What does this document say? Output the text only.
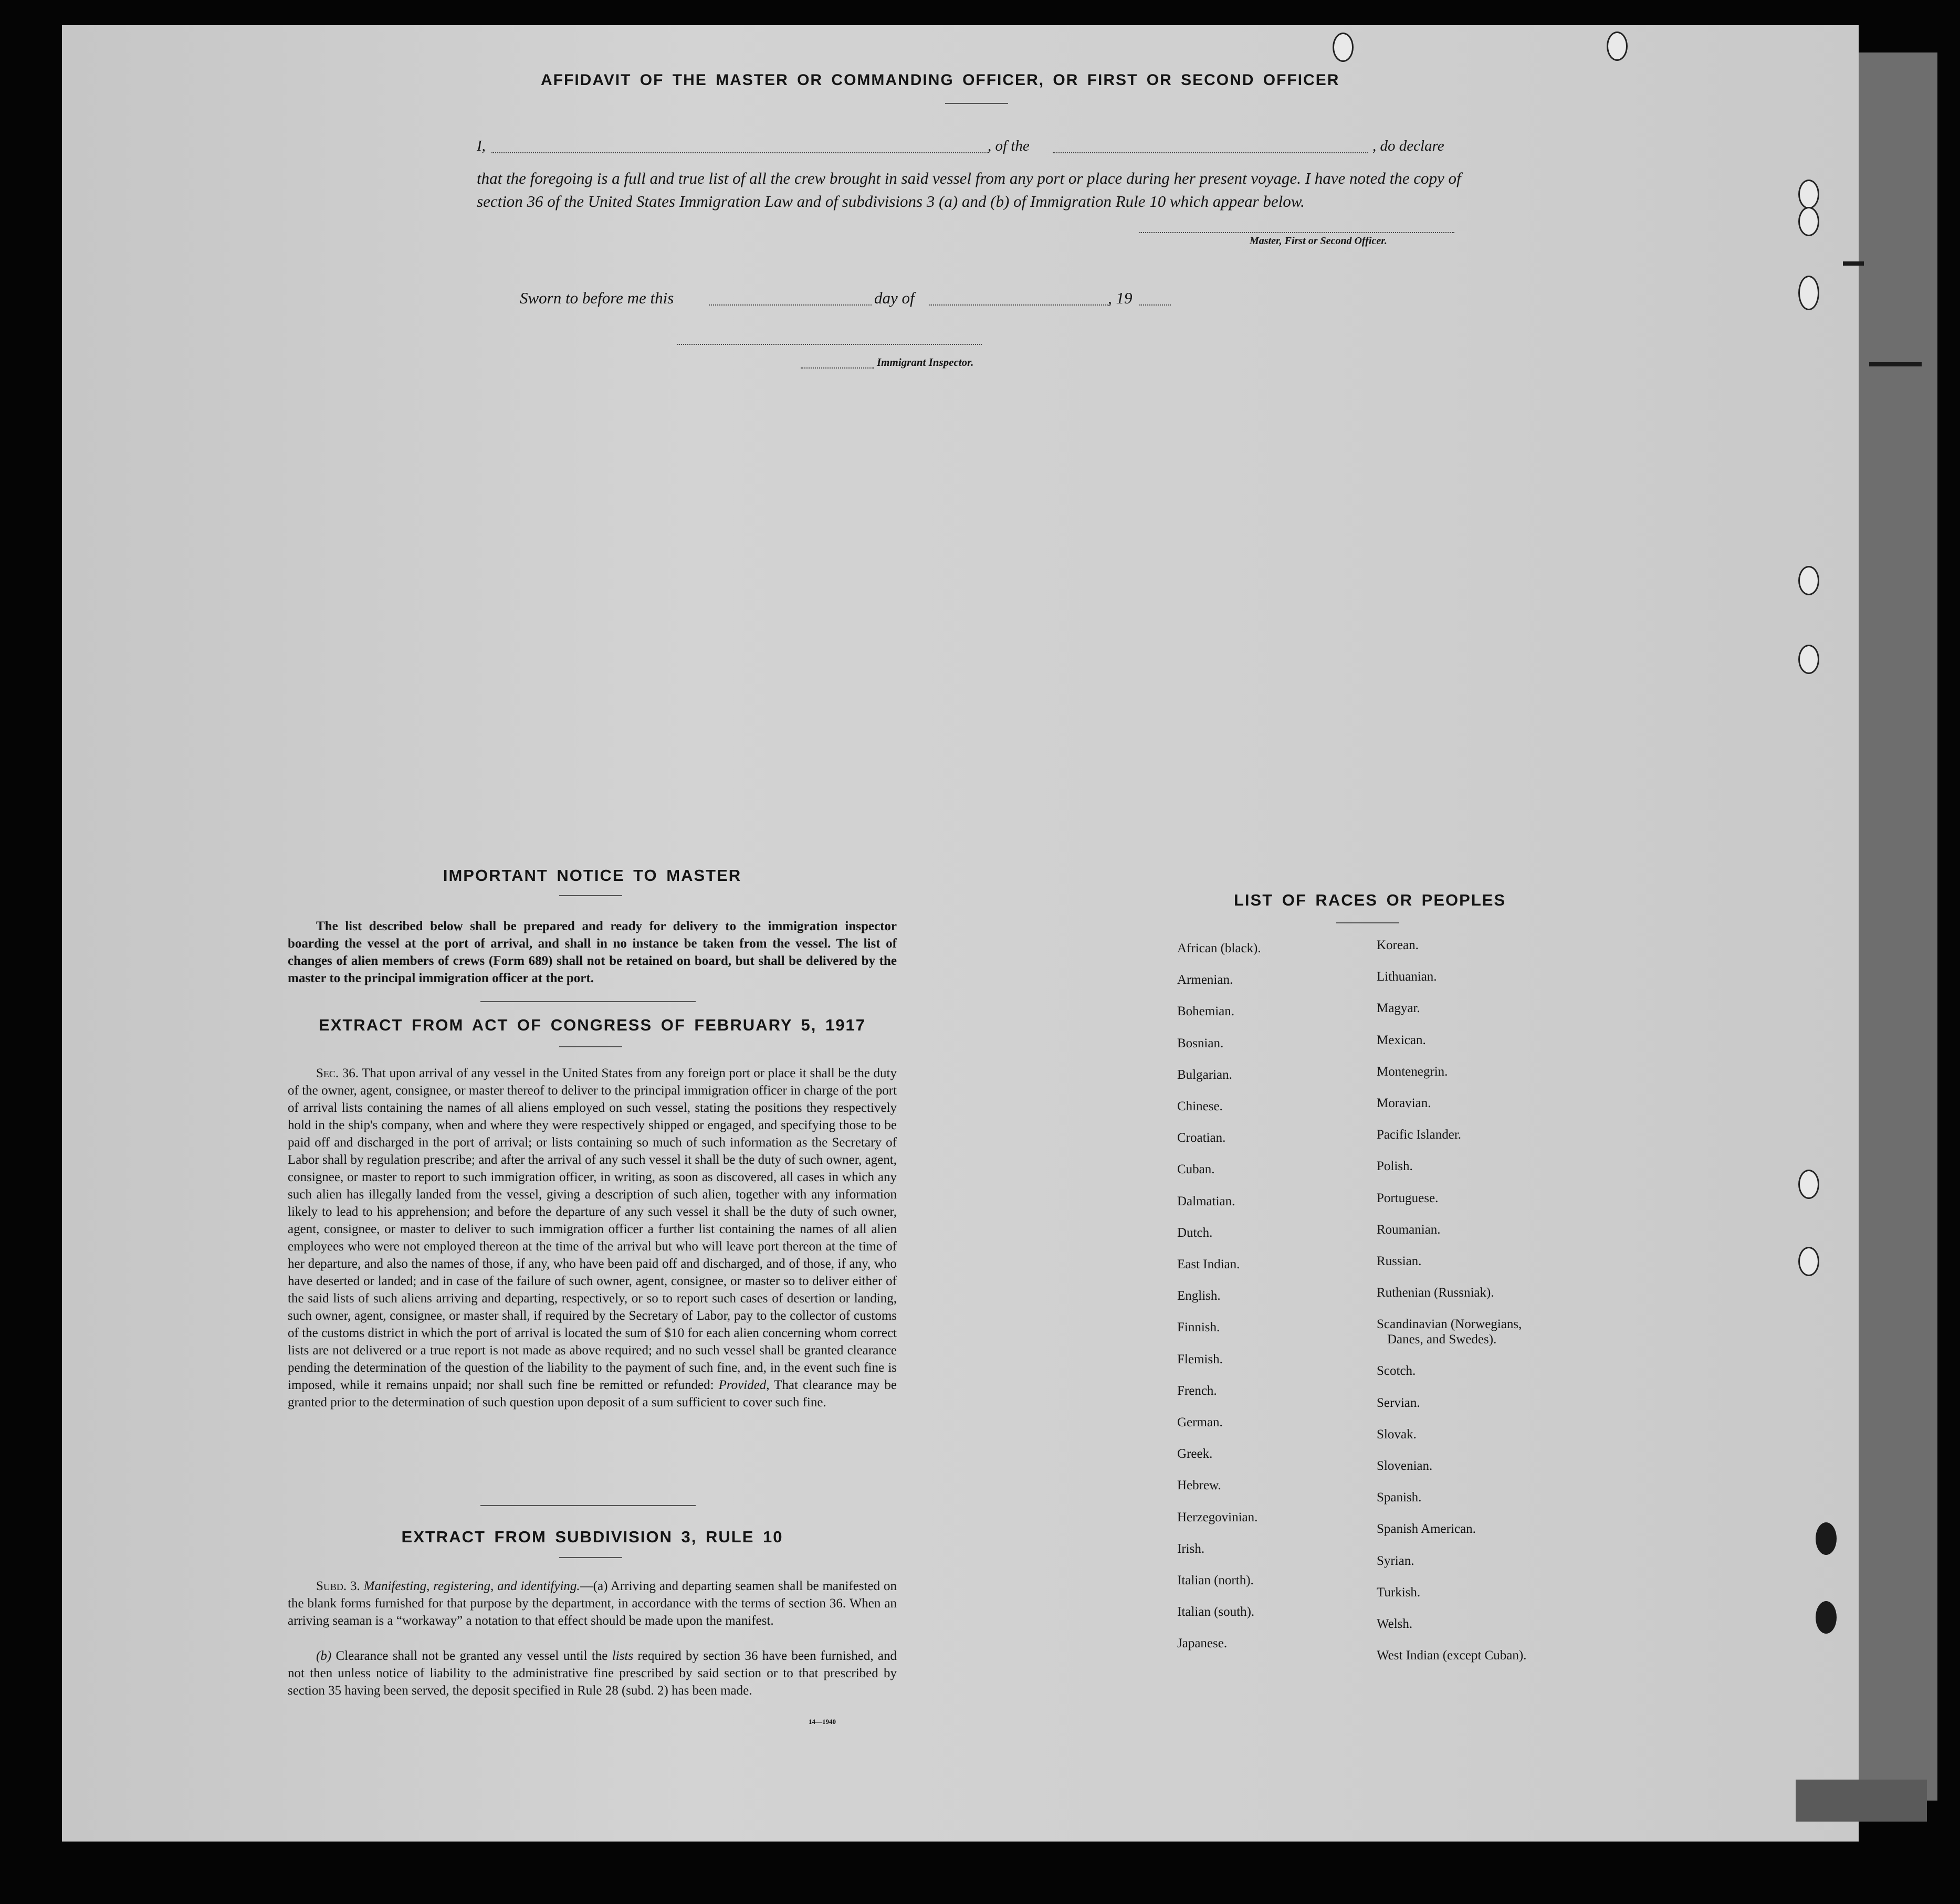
AFFIDAVIT OF THE MASTER OR COMMANDING OFFICER, OR FIRST OR SECOND OFFICER
I,	, of the	, do declare
that the foregoing is a full and true list of all the crew brought in said vessel from any port or place during her present voyage. I have noted the copy of section 36 of the United States Immigration Law and of subdivisions 3 (a) and (b) of Immigration Rule 10 which appear below.
Master, First or Second Officer.
Sworn to before me this	day of	, 19
Immigrant Inspector.
IMPORTANT NOTICE TO MASTER
The list described below shall be prepared and ready for delivery to the immigration inspector boarding the vessel at the port of arrival, and shall in no instance be taken from the vessel. The list of changes of alien members of crews (Form 689) shall not be retained on board, but shall be delivered by the master to the principal immigration officer at the port.
EXTRACT FROM ACT OF CONGRESS OF FEBRUARY 5, 1917
Sec. 36. That upon arrival of any vessel in the United States from any foreign port or place it shall be the duty of the owner, agent, consignee, or master thereof to deliver to the principal immigration officer in charge of the port of arrival lists containing the names of all aliens employed on such vessel, stating the positions they respectively hold in the ship's company, when and where they were respectively shipped or engaged, and specifying those to be paid off and discharged in the port of arrival; or lists containing so much of such information as the Secretary of Labor shall by regulation prescribe; and after the arrival of any such vessel it shall be the duty of such owner, agent, consignee, or master to report to such immigration officer, in writing, as soon as discovered, all cases in which any such alien has illegally landed from the vessel, giving a description of such alien, together with any information likely to lead to his apprehension; and before the departure of any such vessel it shall be the duty of such owner, agent, consignee, or master to deliver to such immigration officer a further list containing the names of all alien employees who were not employed thereon at the time of the arrival but who will leave port thereon at the time of her departure, and also the names of those, if any, who have been paid off and discharged, and of those, if any, who have deserted or landed; and in case of the failure of such owner, agent, consignee, or master so to deliver either of the said lists of such aliens arriving and departing, respectively, or so to report such cases of desertion or landing, such owner, agent, consignee, or master shall, if required by the Secretary of Labor, pay to the collector of customs of the customs district in which the port of arrival is located the sum of $10 for each alien concerning whom correct lists are not delivered or a true report is not made as above required; and no such vessel shall be granted clearance pending the determination of the question of the liability to the payment of such fine, and, in the event such fine is imposed, while it remains unpaid; nor shall such fine be remitted or refunded: Provided, That clearance may be granted prior to the determination of such question upon deposit of a sum sufficient to cover such fine.
EXTRACT FROM SUBDIVISION 3, RULE 10
Subd. 3. Manifesting, registering, and identifying.—(a) Arriving and departing seamen shall be manifested on the blank forms furnished for that purpose by the department, in accordance with the terms of section 36. When an arriving seaman is a “workaway” a notation to that effect should be made upon the manifest.
(b) Clearance shall not be granted any vessel until the lists required by section 36 have been furnished, and not then unless notice of liability to the administrative fine prescribed by said section or to that prescribed by section 35 having been served, the deposit specified in Rule 28 (subd. 2) has been made.
14—1940
LIST OF RACES OR PEOPLES
African (black).
Armenian.
Bohemian.
Bosnian.
Bulgarian.
Chinese.
Croatian.
Cuban.
Dalmatian.
Dutch.
East Indian.
English.
Finnish.
Flemish.
French.
German.
Greek.
Hebrew.
Herzegovinian.
Irish.
Italian (north).
Italian (south).
Japanese.
Korean.
Lithuanian.
Magyar.
Mexican.
Montenegrin.
Moravian.
Pacific Islander.
Polish.
Portuguese.
Roumanian.
Russian.
Ruthenian (Russniak).
Scandinavian (Norwegians,
Danes, and Swedes).
Scotch.
Servian.
Slovak.
Slovenian.
Spanish.
Spanish American.
Syrian.
Turkish.
Welsh.
West Indian (except Cuban).
